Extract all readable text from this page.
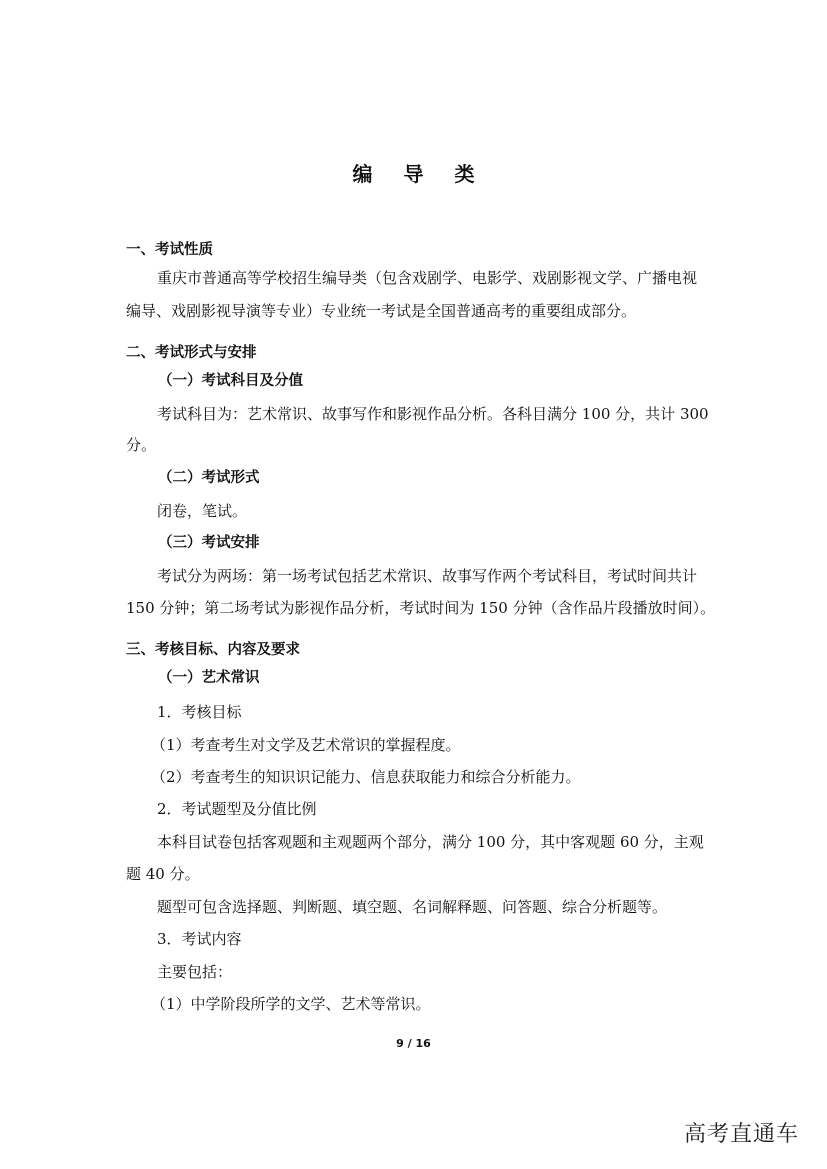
编 导 类
一、考试性质
重庆市普通高等学校招生编导类（包含戏剧学、电影学、戏剧影视文学、广播电视
编导、戏剧影视导演等专业）专业统一考试是全国普通高考的重要组成部分。
二、考试形式与安排
（一）考试科目及分值
考试科目为：艺术常识、故事写作和影视作品分析。各科目满分 100 分，共计 300
分。
（二）考试形式
闭卷，笔试。
（三）考试安排
考试分为两场：第一场考试包括艺术常识、故事写作两个考试科目，考试时间共计
150 分钟；第二场考试为影视作品分析，考试时间为 150 分钟（含作品片段播放时间）。
三、考核目标、内容及要求
（一）艺术常识
1．考核目标
（1）考查考生对文学及艺术常识的掌握程度。
（2）考查考生的知识识记能力、信息获取能力和综合分析能力。
2．考试题型及分值比例
本科目试卷包括客观题和主观题两个部分，满分 100 分，其中客观题 60 分，主观
题 40 分。
题型可包含选择题、判断题、填空题、名词解释题、问答题、综合分析题等。
3．考试内容
主要包括：
（1）中学阶段所学的文学、艺术等常识。
9 / 16
高考直通车
